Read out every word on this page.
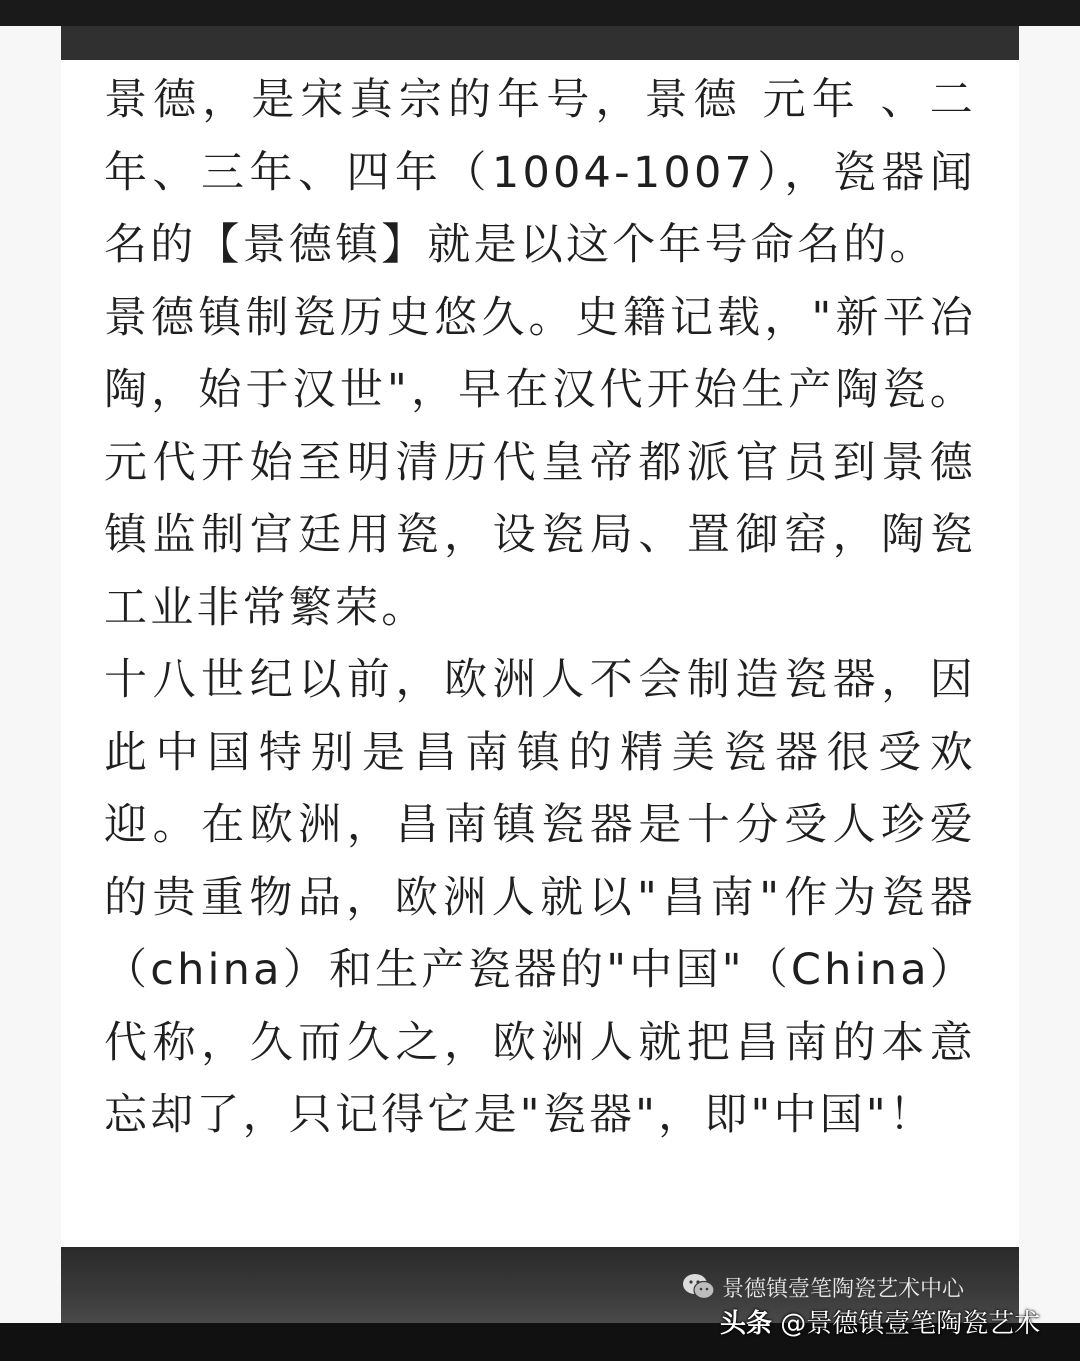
景德，是宋真宗的年号，景德 元年 、二年、三年、四年（1004-1007），瓷器闻名的【景德镇】就是以这个年号命名的。

景德镇制瓷历史悠久。史籍记载，"新平冶陶，始于汉世"，早在汉代开始生产陶瓷。元代开始至明清历代皇帝都派官员到景德镇监制宫廷用瓷，设瓷局、置御窑，陶瓷工业非常繁荣。

十八世纪以前，欧洲人不会制造瓷器，因此中国特别是昌南镇的精美瓷器很受欢迎。在欧洲，昌南镇瓷器是十分受人珍爱的贵重物品，欧洲人就以"昌南"作为瓷器（china）和生产瓷器的"中国"（China）代称，久而久之，欧洲人就把昌南的本意忘却了，只记得它是"瓷器"，即"中国"！

景德镇壹笔陶瓷艺术中心
头条 @景德镇壹笔陶瓷艺术
